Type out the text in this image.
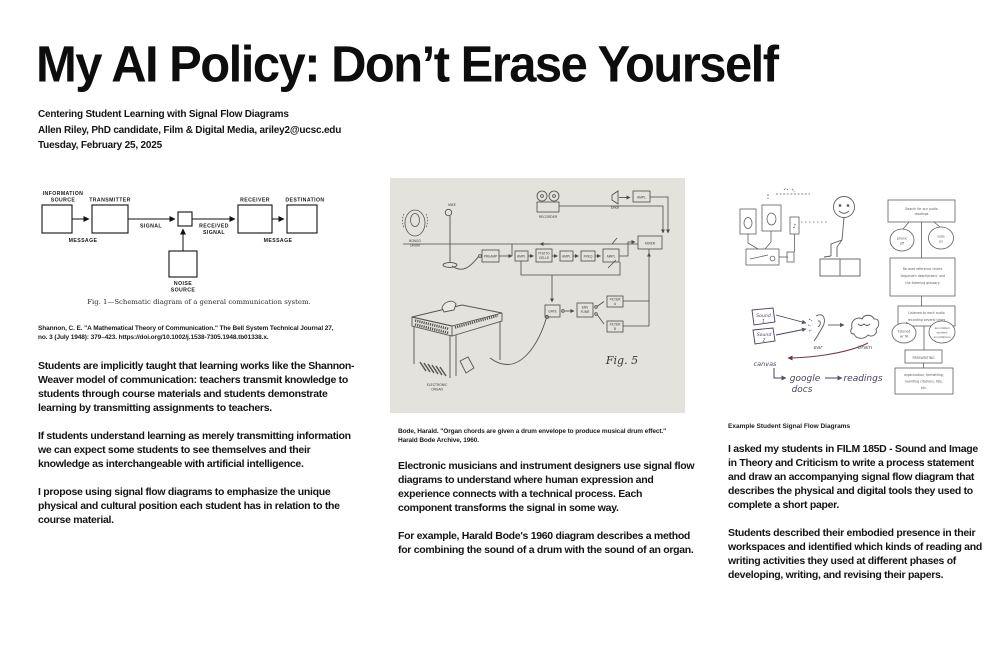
My AI Policy: Don’t Erase Yourself
Centering Student Learning with Signal Flow Diagrams
Allen Riley, PhD candidate, Film & Digital Media, ariley2@ucsc.edu
Tuesday, February 25, 2025
INFORMATION
SOURCE	TRANSMITTER	RECEIVER	DESTINATION
MESSAGE
SIGNAL	RECEIVED
SIGNAL
MESSAGE
NOISE
SOURCE
Fig. 1—Schematic diagram of a general communication system.
Shannon, C. E. "A Mathematical Theory of Communication." The Bell System Technical Journal 27,
no. 3 (July 1948): 379–423. https://doi.org/10.1002/j.1538-7305.1948.tb01338.x.

Students are implicitly taught that learning works like the Shannon-Weaver model of communication: teachers transmit knowledge to students through course materials and students demonstrate learning by transmitting assignments to teachers.

If students understand learning as merely transmitting information we can expect some students to see themselves and their knowledge as interchangeable with artificial intelligence.

I propose using signal flow diagrams to emphasize the unique physical and cultural position each student has in relation to the course material.

BONGO
DRUM
MIKE
RECORDER
SPKR
AMPL
MIXER
PREAMP	AMPL
PHOTO
CELLS	AMPL	FREQ	AMPL
GATE
ENV
FLWR
FILTER
A
FILTER
B
ELECTRONIC
ORGAN
Fig. 5
Bode, Harald. "Organ chords are given a drum envelope to produce musical drum effect."
Harald Bode Archive, 1960.

Electronic musicians and instrument designers use signal flow diagrams to understand where human expression and experience connects with a technical process. Each component transforms the signal in some way.

For example, Harald Bode's 1960 diagram describes a method for combining the sound of a drum with the sound of an organ.

Sound
1
Sound
2
ear	brain
canvas
google
docs
readings
Search for our audio
readings
phone
off
subs
on
Re-read reference charts
‘Argument descriptions’ and
the listening glossary
Listened to each audio
recording several times
listened
w/ TA
annotated
student
annotations
FREEWRITING
organization, formatting,
rewriting citations, title,
etc.
♪
Example Student Signal Flow Diagrams

I asked my students in FILM 185D - Sound and Image in Theory and Criticism to write a process statement and draw an accompanying signal flow diagram that describes the physical and digital tools they used to complete a short paper.

Students described their embodied presence in their workspaces and identified which kinds of reading and writing activities they used at different phases of developing, writing, and revising their papers.
